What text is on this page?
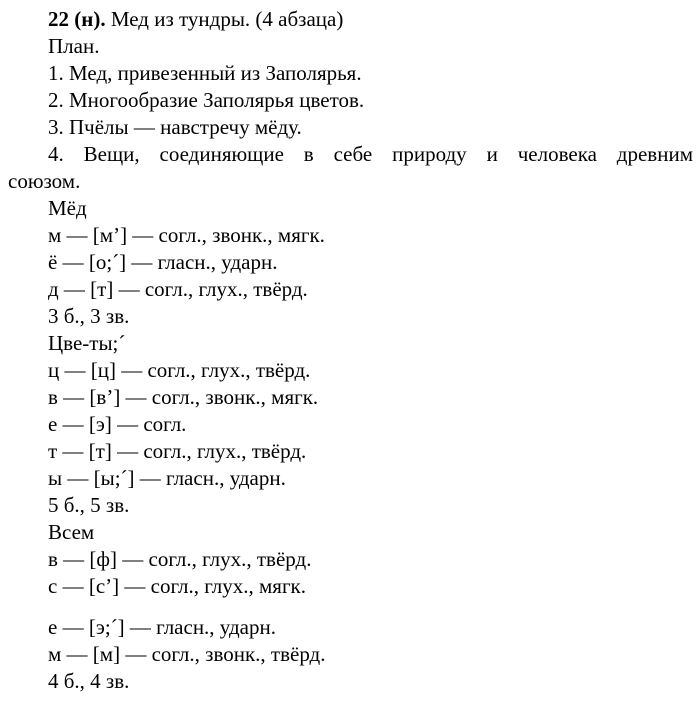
22 (н). Мед из тундры. (4 абзаца)

План.

1. Мед, привезенный из Заполярья.

2. Многообразие Заполярья цветов.

3. Пчёлы — навстречу мёду.

4. Вещи, соединяющие в себе природу и человека древним

союзом.

Мёд

м — [м’] — согл., звонк., мягк.

ё — [о;´] — гласн., ударн.

д — [т] — согл., глух., твёрд.

3 б., 3 зв.

Цве-ты;´

ц — [ц] — согл., глух., твёрд.

в — [в’] — согл., звонк., мягк.

е — [э] — согл.

т — [т] — согл., глух., твёрд.

ы — [ы;´] — гласн., ударн.

5 б., 5 зв.

Всем

в — [ф] — согл., глух., твёрд.

с — [с’] — согл., глух., мягк.

е — [э;´] — гласн., ударн.

м — [м] — согл., звонк., твёрд.

4 б., 4 зв.
